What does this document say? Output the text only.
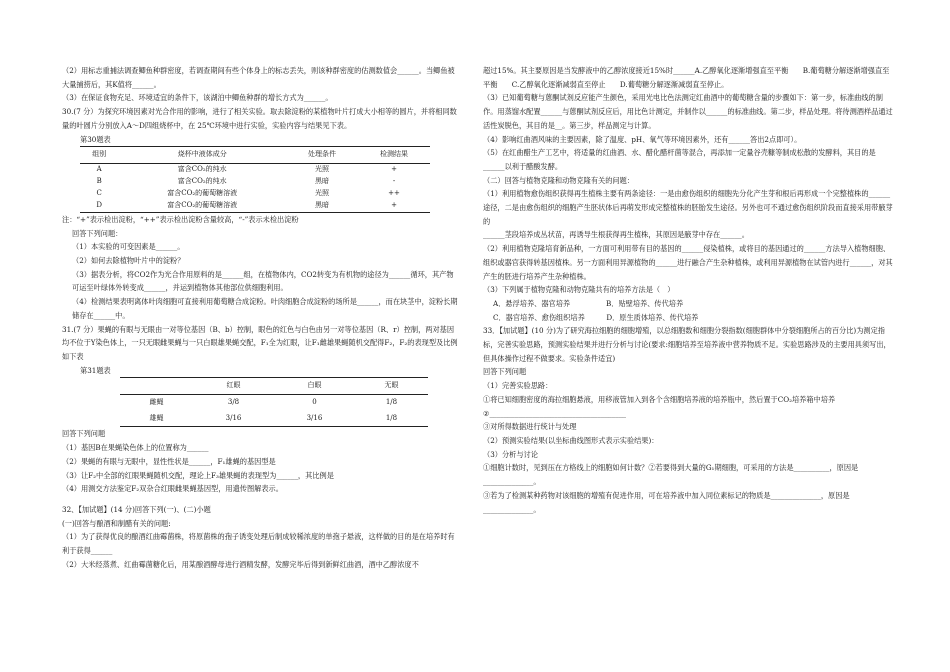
（2）用标志重捕法调查鲫鱼种群密度，若调查期间有些个体身上的标志丢失，则该种群密度的估测数值会______。当鲫鱼被大量捕捞后，其K值将______。

（3）在保证食物充足、环境适宜的条件下，该湖泊中鲫鱼种群的增长方式为______。

30.(7 分）为探究环境因素对光合作用的影响，进行了相关实验。取去除淀粉的某植物叶片打成大小相等的圆片，并将相同数量的叶圆片分别放入A～D四组烧杯中，在 25℃环境中进行实验，实验内容与结果见下表。

第30题表

组别	烧杯中液体成分	处理条件	检测结果
A	富含CO₂的纯水	光照	+
B	富含CO₂的纯水	黑暗	-
C	富含CO₂的葡萄糖溶液	光照	++
D	富含CO₂的葡萄糖溶液	黑暗	+

注：“+”表示检出淀粉，“++”表示检出淀粉含量较高，“-”表示未检出淀粉

回答下列问题：

（1）本实验的可变因素是______。

（2）如何去除植物叶片中的淀粉？

（3）据表分析，将CO2作为光合作用原料的是______组，在植物体内，CO2转变为有机物的途径为______循环，其产物可运至叶绿体外转变成______，并运到植物体其他部位供细胞利用。

（4）检测结果表明离体叶肉细胞可直接利用葡萄糖合成淀粉。叶肉细胞合成淀粉的场所是______，而在块茎中，淀粉长期储存在______中。

31.(7 分）果蝇的有眼与无眼由一对等位基因（B、b）控制，眼色的红色与白色由另一对等位基因（R、r）控制，两对基因均不位于Y染色体上，一只无眼雌果蝇与一只白眼雄果蝇交配，F₁全为红眼，让F₁雌雄果蝇随机交配得F₂，F₂的表现型及比例如下表

第31题表

	红眼	白眼	无眼
雌蝇	3/8	0	1/8
雄蝇	3/16	3/16	1/8

回答下列问题

（1）基因B在果蝇染色体上的位置称为______

（2）果蝇的有眼与无眼中，显性性状是______，F₁雄蝇的基因型是

（3）让F₂中全部的红眼果蝇随机交配，理论上F₃雄果蝇的表现型为______，其比例是

（4）用测交方法鉴定F₂双杂合红眼雌果蝇基因型，用遗传图解表示。

32、【加试题】(14 分)回答下列(一)、(二)小题

(一)回答与酿酒和制醋有关的问题:

（1）为了获得优良的酿酒红曲霉菌株，将原菌株的孢子诱变处理后制成较稀浓度的单孢子悬液，这样做的目的是在培养时有利于获得______

（2）大米经蒸煮、红曲霉菌糖化后，用某酿酒酵母进行酒精发酵，发酵完毕后得到新鲜红曲酒，酒中乙醇浓度不

超过15%。其主要原因是当发酵液中的乙醇浓度接近15%时______A.乙醇氧化逐渐增强直至平衡　　B.葡萄糖分解逐渐增强直至平衡　　C.乙醇氧化逐渐减弱直至停止　　D.葡萄糖分解逐渐减弱直至停止。

（3）已知葡萄糖与蒽酮试剂反应能产生颜色，采用光电比色法测定红曲酒中的葡萄糖含量的步骤如下：第一步，标准曲线的制作。用蒸馏水配置______与蒽酮试剂反应后，用比色计测定，并制作以______的标准曲线。第二步，样品处理。将待测酒样品通过活性炭脱色，其目的是__。第三步，样品测定与计算。

（4）影响红曲酒风味的主要因素，除了温度、pH、氧气等环境因素外，还有______答出2点即可）。

（5）在红曲醋生产工艺中，将适量的红曲酒、水、醋化醋杆菌等混合，再添加一定量谷壳糠等制成松散的发酵料，其目的是______以利于醋酸发酵。

（二）回答与植物克隆和动物克隆有关的问题：

（1）利用植物愈伤组织获得再生植株主要有两条途径：一是由愈伤组织的细胞先分化产生芽和根后再形成一个完整植株的______途径，二是由愈伤组织的细胞产生胚状体后再萌发形成完整植株的胚胎发生途径。另外也可不通过愈伤组织阶段而直接采用带腋芽的

______茎段培养成丛状苗，再诱导生根获得再生植株，其原因是腋芽中存在______。

（2）利用植物克隆培育新品种，一方面可利用带有目的基因的______侵染植株，或将目的基因通过的______方法导入植物细胞、组织或器官获得转基因植株。另一方面利用异源植物的______进行融合产生杂种植株，或利用异源植物在试管内进行______，对其产生的胚进行培养产生杂种植株。

（3）下列属于植物克隆和动物克隆共有的培养方法是（　）

A．悬浮培养、器官培养　　　　　B．贴壁培养、传代培养

C．器官培养、愈伤组织培养　　　D．原生质体培养、传代培养

33．【加试题】(10 分)为了研究海拉细胞的细胞增殖，以总细胞数和细胞分裂指数(细胞群体中分裂细胞所占的百分比)为测定指标，完善实验思路，预测实验结果并进行分析与讨论(要求:细胞培养至培养液中营养物质不足。实验思路涉及的主要用具须写出，但具体操作过程不做要求。实验条件适宜)

回答下列问题

（1）完善实验思路：

①将已知细胞密度的海拉细胞悬液，用移液管加入到各个含细胞培养液的培养瓶中，然后置于CO₂培养箱中培养

②______________________________________

③对所得数据进行统计与处理

（2）预测实验结果(以坐标曲线图形式表示实验结果)：

（3）分析与讨论

①细胞计数时，见到压在方格线上的细胞如何计数？②若要得到大量的G₁期细胞，可采用的方法是__________，原因是______________。

③若为了检测某种药物对该细胞的增殖有促进作用，可在培养液中加入同位素标记的物质是______________，原因是______________。
